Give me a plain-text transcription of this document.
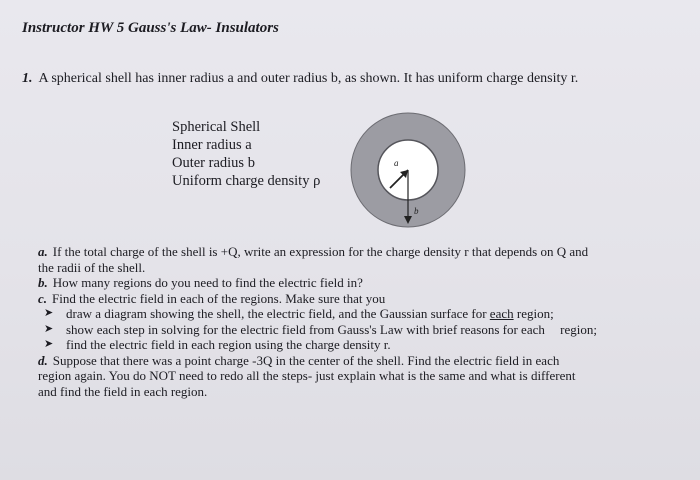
Instructor HW 5 Gauss's Law- Insulators
1. A spherical shell has inner radius a and outer radius b, as shown. It has uniform charge density r.
Spherical Shell
Inner radius a
Outer radius b
Uniform charge density ρ
a
b
a. If the total charge of the shell is +Q, write an expression for the charge density r that depends on Q and
the radii of the shell.
b. How many regions do you need to find the electric field in?
c. Find the electric field in each of the regions. Make sure that you
➤ draw a diagram showing the shell, the electric field, and the Gaussian surface for each region;
➤ show each step in solving for the electric field from Gauss's Law with brief reasons for each region;
➤ find the electric field in each region using the charge density r.
d. Suppose that there was a point charge -3Q in the center of the shell. Find the electric field in each
region again. You do NOT need to redo all the steps- just explain what is the same and what is different
and find the field in each region.
